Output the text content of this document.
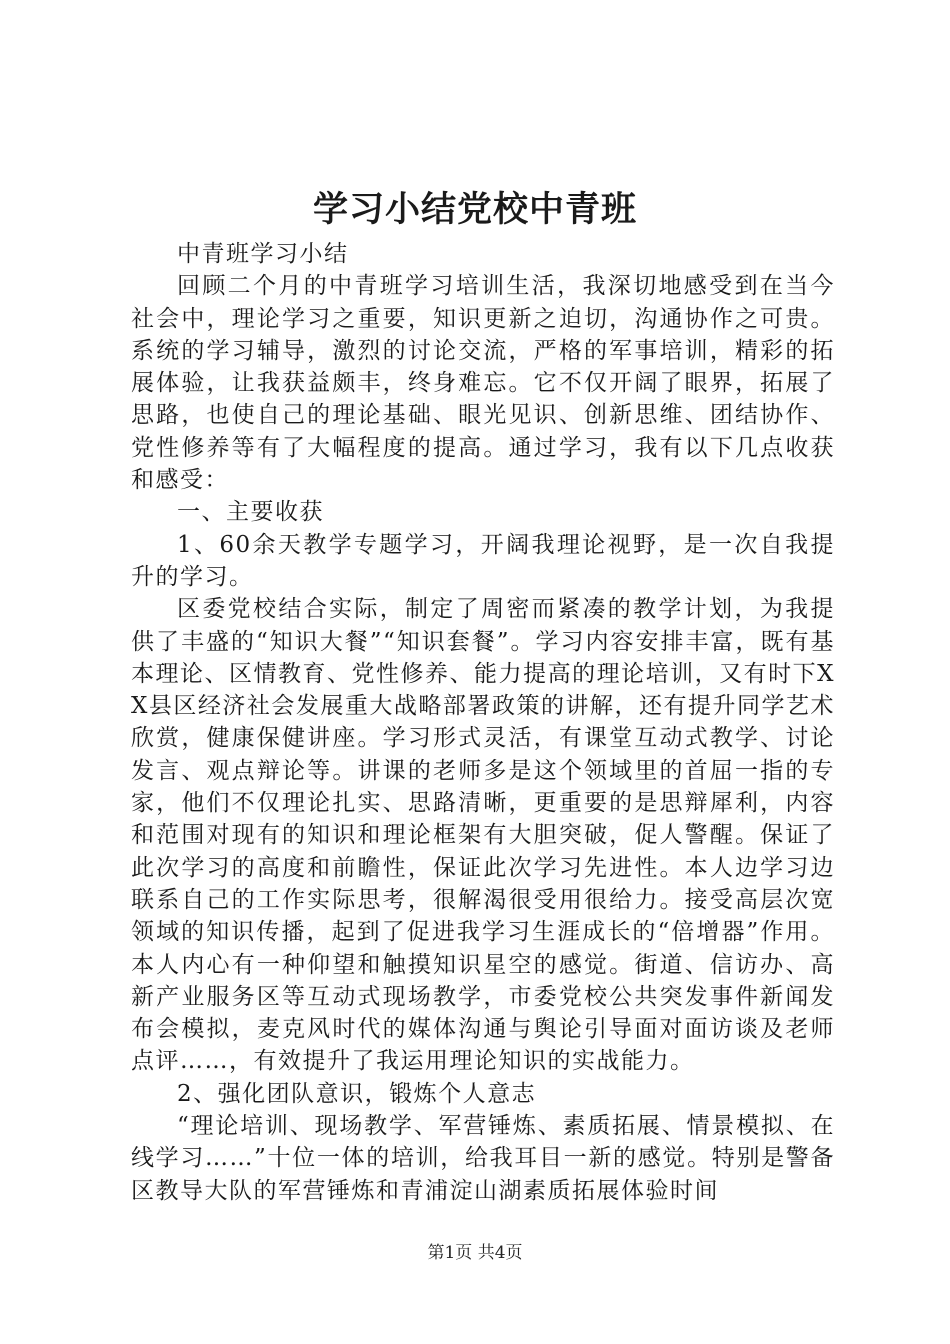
学习小结党校中青班

中青班学习小结

回顾二个月的中青班学习培训生活，我深切地感受到在当今社会中，理论学习之重要，知识更新之迫切，沟通协作之可贵。系统的学习辅导，激烈的讨论交流，严格的军事培训，精彩的拓展体验，让我获益颇丰，终身难忘。它不仅开阔了眼界，拓展了思路，也使自己的理论基础、眼光见识、创新思维、团结协作、党性修养等有了大幅程度的提高。通过学习，我有以下几点收获和感受：

一、主要收获

1、60余天教学专题学习，开阔我理论视野，是一次自我提升的学习。

区委党校结合实际，制定了周密而紧凑的教学计划，为我提供了丰盛的“知识大餐”“知识套餐”。学习内容安排丰富，既有基本理论、区情教育、党性修养、能力提高的理论培训，又有时下XX县区经济社会发展重大战略部署政策的讲解，还有提升同学艺术欣赏，健康保健讲座。学习形式灵活，有课堂互动式教学、讨论发言、观点辩论等。讲课的老师多是这个领域里的首屈一指的专家，他们不仅理论扎实、思路清晰，更重要的是思辩犀利，内容和范围对现有的知识和理论框架有大胆突破，促人警醒。保证了此次学习的高度和前瞻性，保证此次学习先进性。本人边学习边联系自己的工作实际思考，很解渴很受用很给力。接受高层次宽领域的知识传播，起到了促进我学习生涯成长的“倍增器”作用。本人内心有一种仰望和触摸知识星空的感觉。街道、信访办、高新产业服务区等互动式现场教学，市委党校公共突发事件新闻发布会模拟，麦克风时代的媒体沟通与舆论引导面对面访谈及老师点评……，有效提升了我运用理论知识的实战能力。

2、强化团队意识，锻炼个人意志

“理论培训、现场教学、军营锤炼、素质拓展、情景模拟、在线学习……”十位一体的培训，给我耳目一新的感觉。特别是警备区教导大队的军营锤炼和青浦淀山湖素质拓展体验时间

第1页 共4页
